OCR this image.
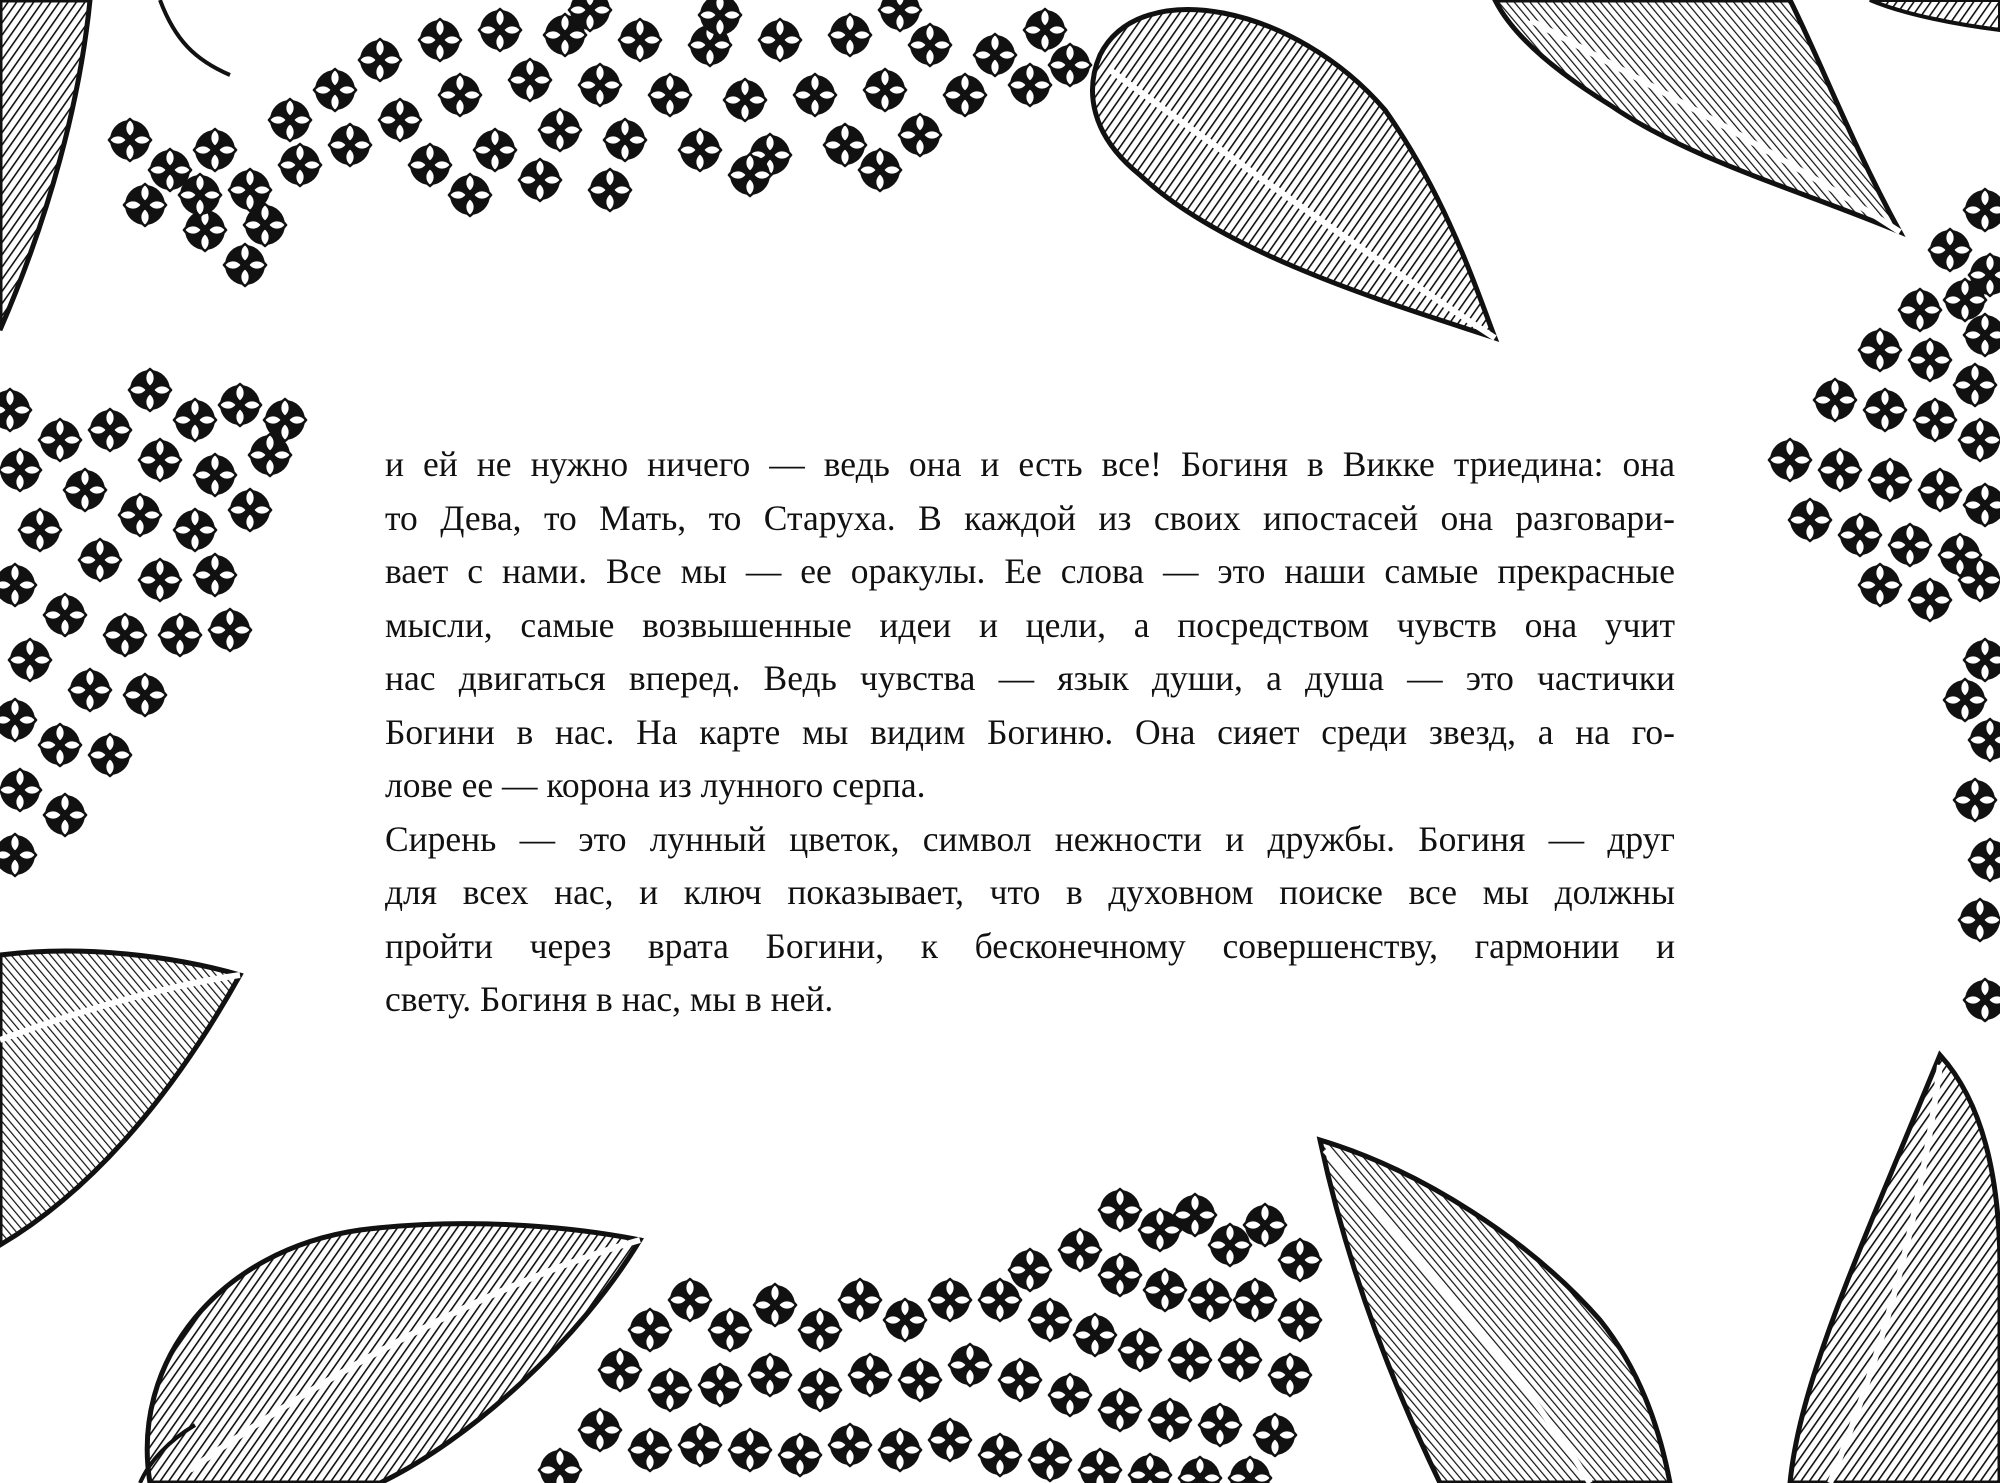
и ей не нужно ничего — ведь она и есть все! Богиня в Викке триедина: она
то Дева, то Мать, то Старуха. В каждой из своих ипостасей она разговари-
вает с нами. Все мы — ее оракулы. Ее слова — это наши самые прекрасные
мысли, самые возвышенные идеи и цели, а посредством чувств она учит
нас двигаться вперед. Ведь чувства — язык души, а душа — это частички
Богини в нас. На карте мы видим Богиню. Она сияет среди звезд, а на го-
лове ее — корона из лунного серпа.
Сирень — это лунный цветок, символ нежности и дружбы. Богиня — друг
для всех нас, и ключ показывает, что в духовном поиске все мы должны
пройти через врата Богини, к бесконечному совершенству, гармонии и
свету. Богиня в нас, мы в ней.
